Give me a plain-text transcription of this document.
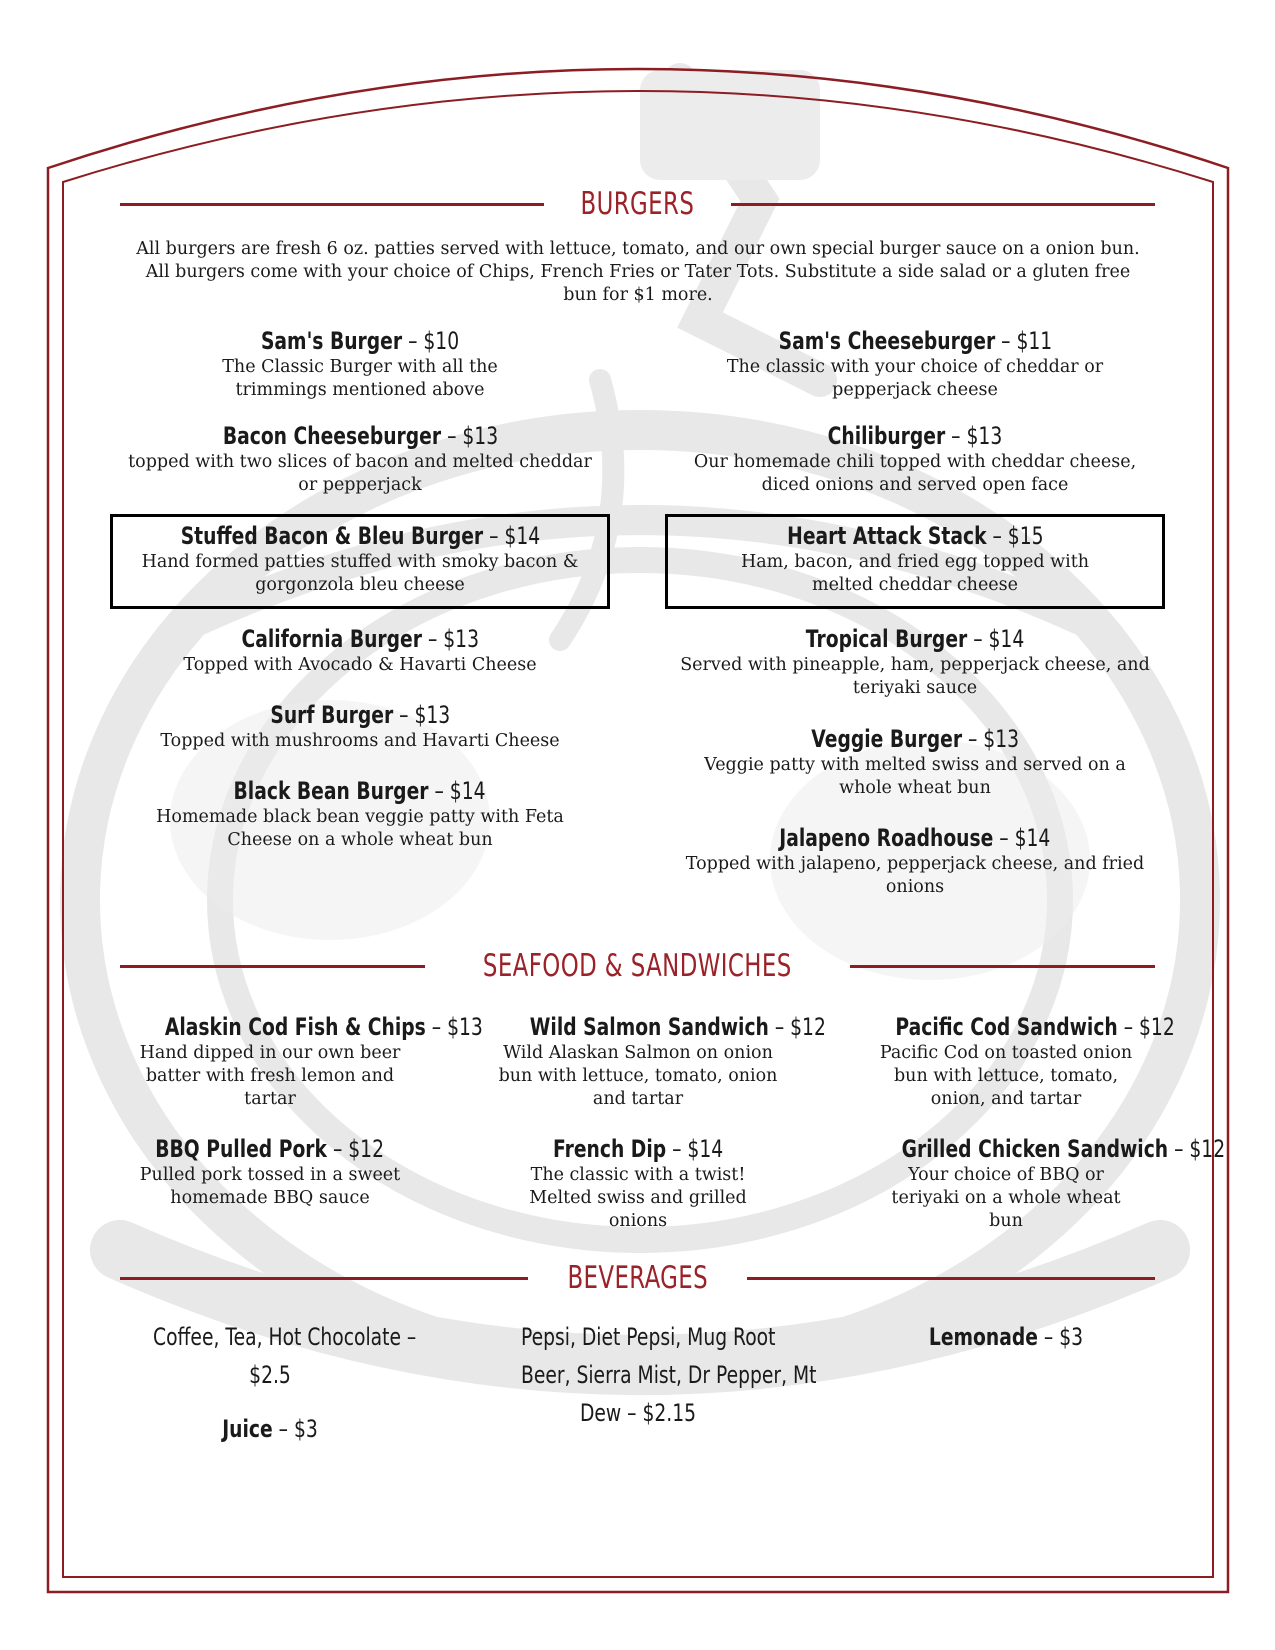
BURGERS
All burgers are fresh 6 oz. patties served with lettuce, tomato, and our own special burger sauce on a onion bun. All burgers come with your choice of Chips, French Fries or Tater Tots. Substitute a side salad or a gluten free bun for $1 more.
Sam's Burger – $10
The Classic Burger with all the trimmings mentioned above
Sam's Cheeseburger – $11
The classic with your choice of cheddar or pepperjack cheese
Bacon Cheeseburger – $13
topped with two slices of bacon and melted cheddar or pepperjack
Chiliburger – $13
Our homemade chili topped with cheddar cheese, diced onions and served open face
Stuffed Bacon & Bleu Burger – $14
Hand formed patties stuffed with smoky bacon & gorgonzola bleu cheese
Heart Attack Stack – $15
Ham, bacon, and fried egg topped with melted cheddar cheese
California Burger – $13
Topped with Avocado & Havarti Cheese
Tropical Burger – $14
Served with pineapple, ham, pepperjack cheese, and teriyaki sauce
Surf Burger – $13
Topped with mushrooms and Havarti Cheese	Veggie Burger – $13
Veggie patty with melted swiss and served on a whole wheat bun
Black Bean Burger – $14
Homemade black bean veggie patty with Feta Cheese on a whole wheat bun	Jalapeno Roadhouse – $14
Topped with jalapeno, pepperjack cheese, and fried onions
SEAFOOD & SANDWICHES
Alaskin Cod Fish & Chips – $13
Hand dipped in our own beer batter with fresh lemon and tartar
Wild Salmon Sandwich – $12
Wild Alaskan Salmon on onion bun with lettuce, tomato, onion and tartar
Pacific Cod Sandwich – $12
Pacific Cod on toasted onion bun with lettuce, tomato, onion, and tartar
BBQ Pulled Pork – $12
Pulled pork tossed in a sweet homemade BBQ sauce
French Dip – $14
The classic with a twist! Melted swiss and grilled onions
Grilled Chicken Sandwich – $12
Your choice of BBQ or teriyaki on a whole wheat bun
BEVERAGES
Coffee, Tea, Hot Chocolate –
$2.5
Juice – $3
Pepsi, Diet Pepsi, Mug Root
Beer, Sierra Mist, Dr Pepper, Mt
Dew – $2.15
Lemonade – $3
